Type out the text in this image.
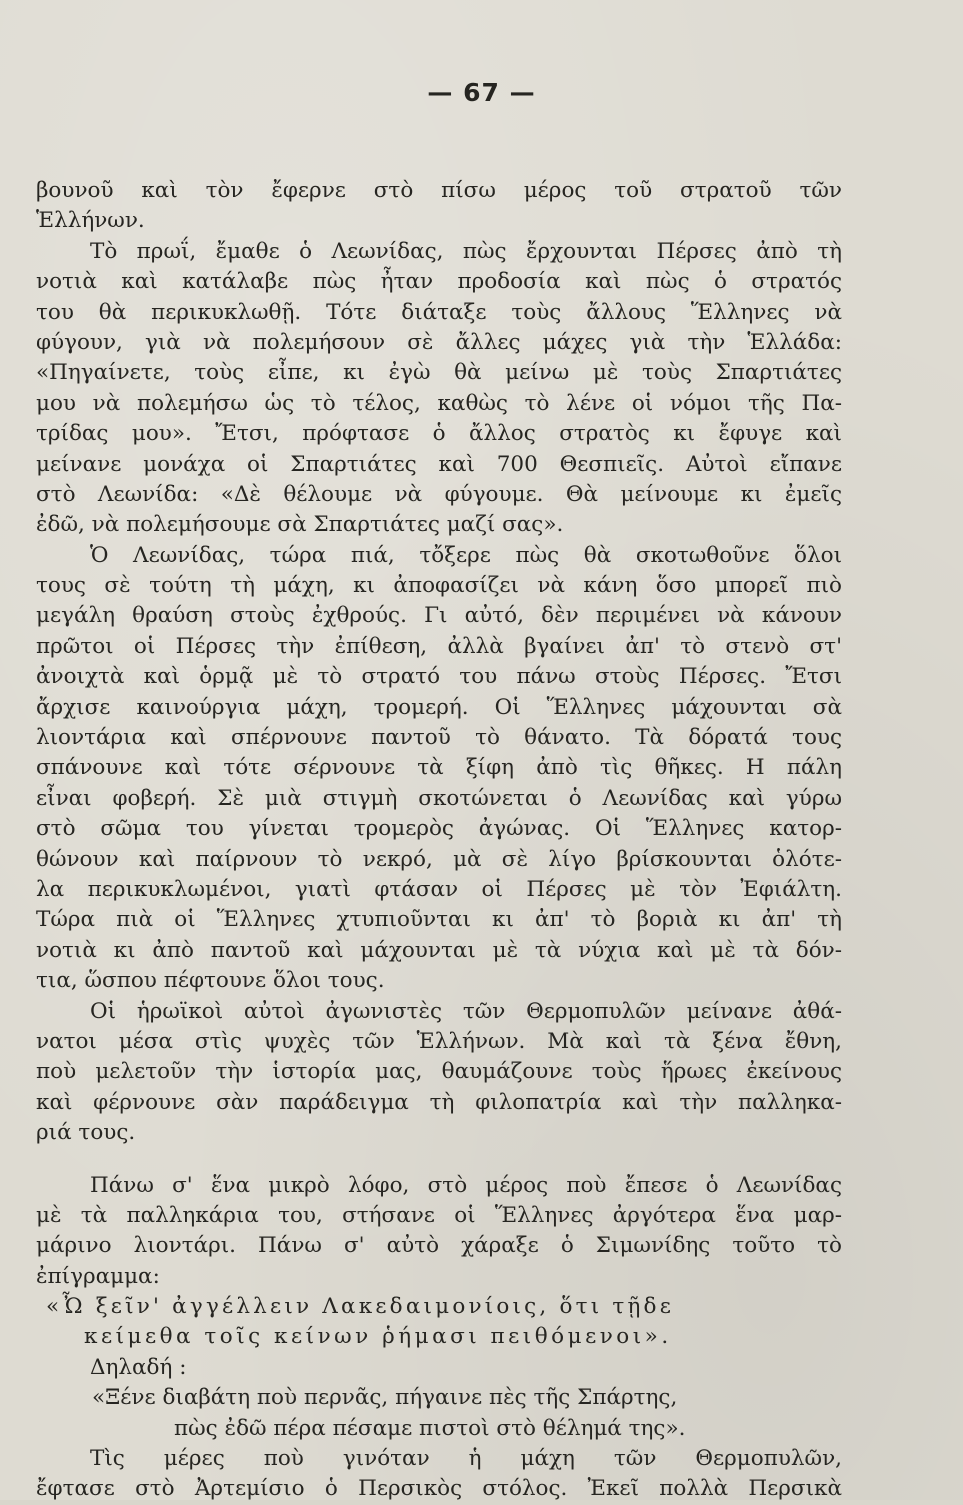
— 67 —
βουνοῦ καὶ τὸν ἔφερνε στὸ πίσω μέρος τοῦ στρατοῦ τῶν
Ἑλλήνων.
Τὸ πρωΐ, ἔμαθε ὁ Λεωνίδας, πὼς ἔρχουνται Πέρσες ἀπὸ τὴ
νοτιὰ καὶ κατάλαβε πὼς ἦταν προδοσία καὶ πὼς ὁ στρατός
του θὰ περικυκλωθῇ. Τότε διάταξε τοὺς ἄλλους Ἕλληνες νὰ
φύγουν, γιὰ νὰ πολεμήσουν σὲ ἄλλες μάχες γιὰ τὴν Ἑλλάδα:
«Πηγαίνετε, τοὺς εἶπε, κι ἐγὼ θὰ μείνω μὲ τοὺς Σπαρτιάτες
μου νὰ πολεμήσω ὡς τὸ τέλος, καθὼς τὸ λένε οἱ νόμοι τῆς Πα-
τρίδας μου». Ἔτσι, πρόφτασε ὁ ἄλλος στρατὸς κι ἔφυγε καὶ
μείνανε μονάχα οἱ Σπαρτιάτες καὶ 700 Θεσπιεῖς. Αὐτοὶ εἴπανε
στὸ Λεωνίδα: «Δὲ θέλουμε νὰ φύγουμε. Θὰ μείνουμε κι ἐμεῖς
ἐδῶ, νὰ πολεμήσουμε σὰ Σπαρτιάτες μαζί σας».
Ὁ Λεωνίδας, τώρα πιά, τὄξερε πὼς θὰ σκοτωθοῦνε ὅλοι
τους σὲ τούτη τὴ μάχη, κι ἀποφασίζει νὰ κάνη ὅσο μπορεῖ πιὸ
μεγάλη θραύση στοὺς ἐχθρούς. Γι αὐτό, δὲν περιμένει νὰ κάνουν
πρῶτοι οἱ Πέρσες τὴν ἐπίθεση, ἀλλὰ βγαίνει ἀπ' τὸ στενὸ στ'
ἀνοιχτὰ καὶ ὁρμᾷ μὲ τὸ στρατό του πάνω στοὺς Πέρσες. Ἔτσι
ἄρχισε καινούργια μάχη, τρομερή. Οἱ Ἕλληνες μάχουνται σὰ
λιοντάρια καὶ σπέρνουνε παντοῦ τὸ θάνατο. Τὰ δόρατά τους
σπάνουνε καὶ τότε σέρνουνε τὰ ξίφη ἀπὸ τὶς θῆκες. Η πάλη
εἶναι φοβερή. Σὲ μιὰ στιγμὴ σκοτώνεται ὁ Λεωνίδας καὶ γύρω
στὸ σῶμα του γίνεται τρομερὸς ἀγώνας. Οἱ Ἕλληνες κατορ-
θώνουν καὶ παίρνουν τὸ νεκρό, μὰ σὲ λίγο βρίσκουνται ὁλότε-
λα περικυκλωμένοι, γιατὶ φτάσαν οἱ Πέρσες μὲ τὸν Ἐφιάλτη.
Τώρα πιὰ οἱ Ἕλληνες χτυπιοῦνται κι ἀπ' τὸ βοριὰ κι ἀπ' τὴ
νοτιὰ κι ἀπὸ παντοῦ καὶ μάχουνται μὲ τὰ νύχια καὶ μὲ τὰ δόν-
τια, ὥσπου πέφτουνε ὅλοι τους.
Οἱ ἡρωϊκοὶ αὐτοὶ ἀγωνιστὲς τῶν Θερμοπυλῶν μείνανε ἀθά-
νατοι μέσα στὶς ψυχὲς τῶν Ἑλλήνων. Μὰ καὶ τὰ ξένα ἔθνη,
ποὺ μελετοῦν τὴν ἱστορία μας, θαυμάζουνε τοὺς ἥρωες ἐκείνους
καὶ φέρνουνε σὰν παράδειγμα τὴ φιλοπατρία καὶ τὴν παλληκα-
ριά τους.
Πάνω σ' ἕνα μικρὸ λόφο, στὸ μέρος ποὺ ἔπεσε ὁ Λεωνίδας
μὲ τὰ παλληκάρια του, στήσανε οἱ Ἕλληνες ἀργότερα ἕνα μαρ-
μάρινο λιοντάρι. Πάνω σ' αὐτὸ χάραξε ὁ Σιμωνίδης τοῦτο τὸ
ἐπίγραμμα:
«Ὦ ξεῖν' ἀγγέλλειν Λακεδαιμονίοις, ὅτι τῇδε
κείμεθα τοῖς κείνων ῥήμασι πειθόμενοι».
Δηλαδή :
«Ξένε διαβάτη ποὺ περνᾶς, πήγαινε πὲς τῆς Σπάρτης,
πὼς ἐδῶ πέρα πέσαμε πιστοὶ στὸ θέλημά της».
Τὶς μέρες ποὺ γινόταν ἡ μάχη τῶν Θερμοπυλῶν,
ἔφτασε στὸ Ἀρτεμίσιο ὁ Περσικὸς στόλος. Ἐκεῖ πολλὰ Περσικὰ
